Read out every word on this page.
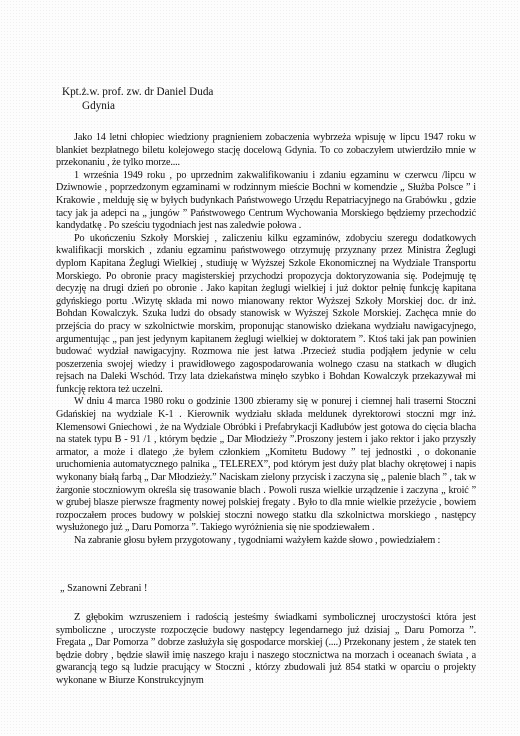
Kpt.ż.w. prof. zw. dr Daniel Duda
Gdynia

Jako 14 letni chłopiec wiedziony pragnieniem zobaczenia wybrzeża wpisuję w lipcu 1947 roku w blankiet bezpłatnego biletu kolejowego stację docelową Gdynia. To co zobaczyłem utwierdziło mnie w przekonaniu , że tylko morze....

1 września 1949 roku , po uprzednim zakwalifikowaniu i zdaniu egzaminu w czerwcu /lipcu w Dziwnowie , poprzedzonym egzaminami w rodzinnym mieście Bochni w komendzie „ Służba Polsce ” i Krakowie , melduję się w byłych budynkach Państwowego Urzędu Repatriacyjnego na Grabówku , gdzie tacy jak ja adepci na „ jungów ” Państwowego Centrum Wychowania Morskiego będziemy przechodzić kandydatkę . Po sześciu tygodniach jest nas zaledwie połowa .

Po ukończeniu Szkoły Morskiej , zaliczeniu kilku egzaminów, zdobyciu szeregu dodatkowych kwalifikacji morskich , zdaniu egzaminu państwowego otrzymuję przyznany przez Ministra Żeglugi dyplom Kapitana Żeglugi Wielkiej , studiuję w Wyższej Szkole Ekonomicznej na Wydziale Transportu Morskiego. Po obronie pracy magisterskiej przychodzi propozycja doktoryzowania się. Podejmuję tę decyzję na drugi dzień po obronie . Jako kapitan żeglugi wielkiej i już doktor pełnię funkcję kapitana gdyńskiego portu .Wizytę składa mi nowo mianowany rektor Wyższej Szkoły Morskiej doc. dr inż. Bohdan Kowalczyk. Szuka ludzi do obsady stanowisk w Wyższej Szkole Morskiej. Zachęca mnie do przejścia do pracy w szkolnictwie morskim, proponując stanowisko dziekana wydziału nawigacyjnego, argumentując „ pan jest jedynym kapitanem żeglugi wielkiej w doktoratem ”. Ktoś taki jak pan powinien budować wydział nawigacyjny. Rozmowa nie jest łatwa .Przecież studia podjąłem jedynie w celu poszerzenia swojej wiedzy i prawidłowego zagospodarowania wolnego czasu na statkach w długich rejsach na Daleki Wschód. Trzy lata dziekaństwa minęło szybko i Bohdan Kowalczyk przekazywał mi funkcję rektora też uczelni.

W dniu 4 marca 1980 roku o godzinie 1300 zbieramy się w ponurej i ciemnej hali traserni Stoczni Gdańskiej na wydziale K-1 . Kierownik wydziału składa meldunek dyrektorowi stoczni mgr inż. Klemensowi Gniechowi , że na Wydziale Obróbki i Prefabrykacji Kadłubów jest gotowa do cięcia blacha na statek typu B - 91 /1 , którym będzie „ Dar Młodzieży ”.Proszony jestem i jako rektor i jako przyszły armator, a może i dlatego ,że byłem członkiem „Komitetu Budowy ” tej jednostki , o dokonanie uruchomienia automatycznego palnika „ TELEREX”, pod którym jest duży plat blachy okrętowej i napis wykonany białą farbą „ Dar Młodzieży.” Naciskam zielony przycisk i zaczyna się „ palenie blach ” , tak w żargonie stoczniowym określa się trasowanie blach . Powoli rusza wielkie urządzenie i zaczyna „ kroić ” w grubej blasze pierwsze fragmenty nowej polskiej fregaty . Było to dla mnie wielkie przeżycie , bowiem rozpoczałem proces budowy w polskiej stoczni nowego statku dla szkolnictwa morskiego , następcy wysłużonego już „ Daru Pomorza ”. Takiego wyróżnienia się nie spodziewałem .

Na zabranie głosu byłem przygotowany , tygodniami ważyłem każde słowo , powiedziałem :

„ Szanowni Zebrani !

Z głębokim wzruszeniem i radością jesteśmy świadkami symbolicznej uroczystości która jest symboliczne , uroczyste rozpoczęcie budowy następcy legendarnego już dzisiaj „ Daru Pomorza ”. Fregata „ Dar Pomorza ” dobrze zasłużyła się gospodarce morskiej (....) Przekonany jestem , że statek ten będzie dobry , będzie sławił imię naszego kraju i naszego stocznictwa na morzach i oceanach świata , a gwarancją tego są ludzie pracujący w Stoczni , którzy zbudowali już 854 statki w oparciu o projekty wykonane w Biurze Konstrukcyjnym
